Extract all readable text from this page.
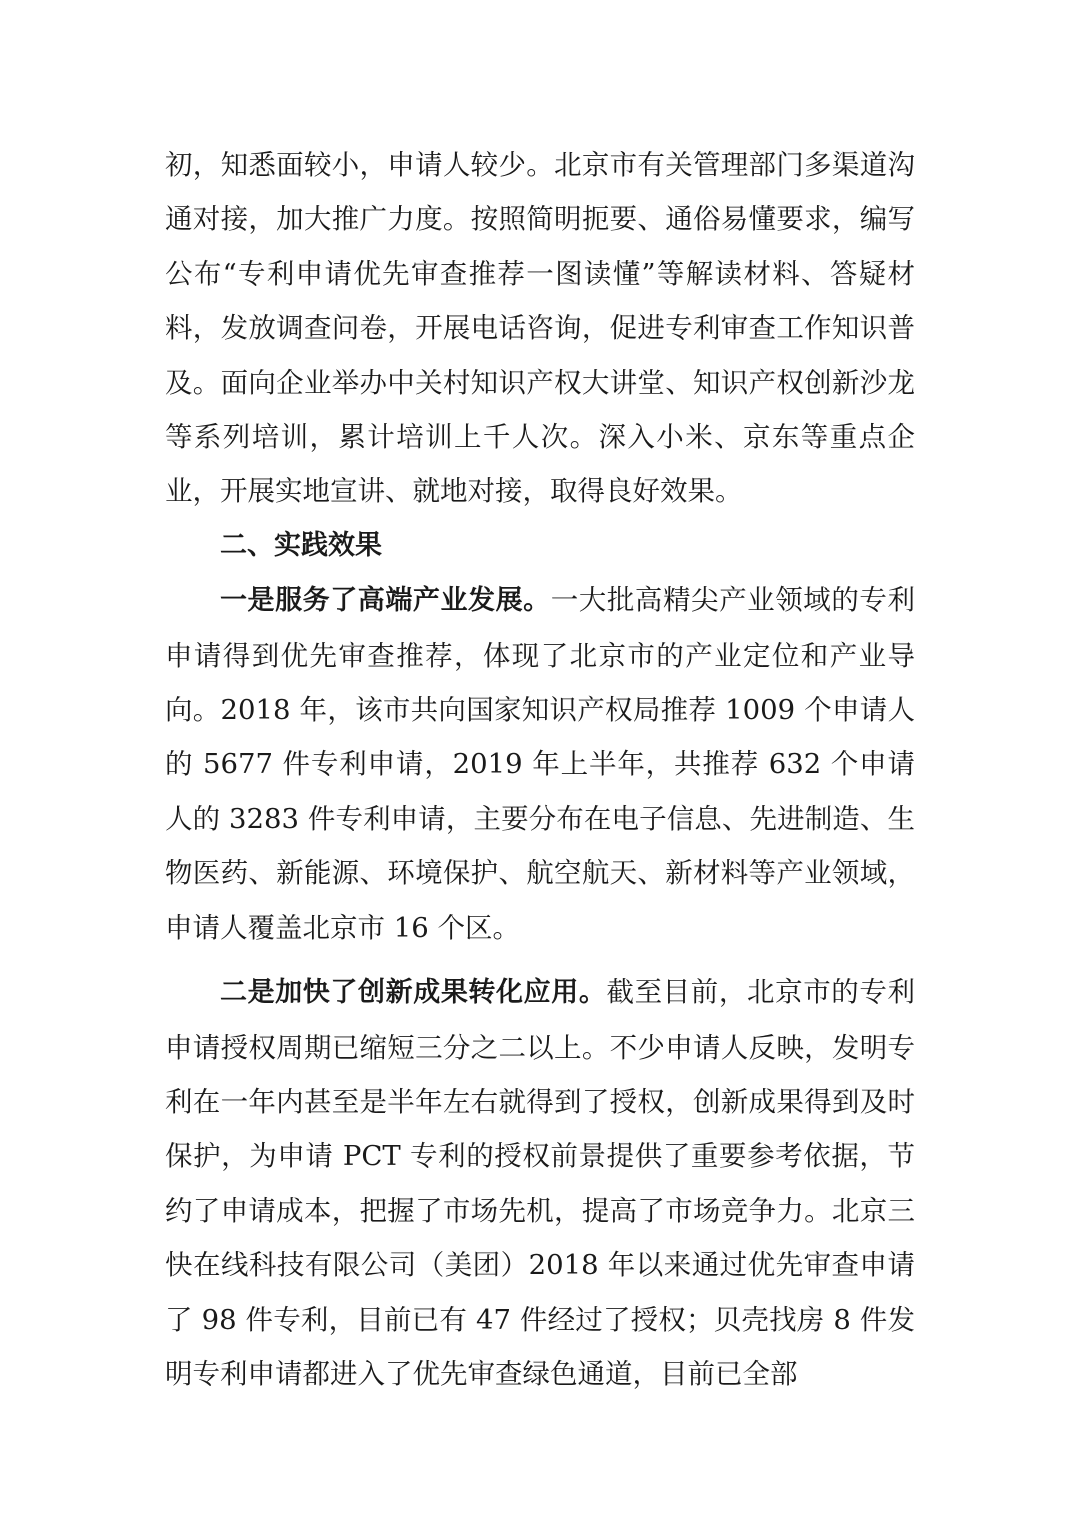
初，知悉面较小，申请人较少。北京市有关管理部门多渠道沟通对接，加大推广力度。按照简明扼要、通俗易懂要求，编写公布“专利申请优先审查推荐一图读懂”等解读材料、答疑材料，发放调查问卷，开展电话咨询，促进专利审查工作知识普及。面向企业举办中关村知识产权大讲堂、知识产权创新沙龙等系列培训，累计培训上千人次。深入小米、京东等重点企业，开展实地宣讲、就地对接，取得良好效果。

二、实践效果

一是服务了高端产业发展。一大批高精尖产业领域的专利申请得到优先审查推荐，体现了北京市的产业定位和产业导向。2018 年，该市共向国家知识产权局推荐 1009 个申请人的 5677 件专利申请，2019 年上半年，共推荐 632 个申请人的 3283 件专利申请，主要分布在电子信息、先进制造、生物医药、新能源、环境保护、航空航天、新材料等产业领域，申请人覆盖北京市 16 个区。

二是加快了创新成果转化应用。截至目前，北京市的专利申请授权周期已缩短三分之二以上。不少申请人反映，发明专利在一年内甚至是半年左右就得到了授权，创新成果得到及时保护，为申请 PCT 专利的授权前景提供了重要参考依据，节约了申请成本，把握了市场先机，提高了市场竞争力。北京三快在线科技有限公司（美团）2018 年以来通过优先审查申请了 98 件专利，目前已有 47 件经过了授权；贝壳找房 8 件发明专利申请都进入了优先审查绿色通道，目前已全部
